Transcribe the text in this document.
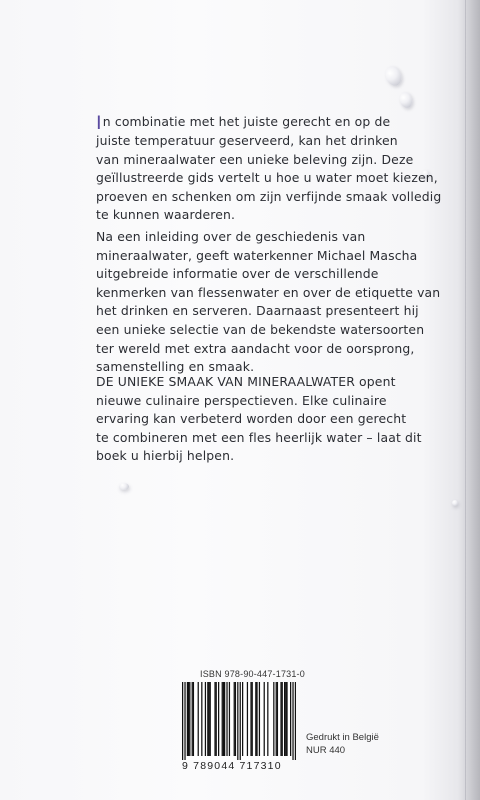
In combinatie met het juiste gerecht en op de
juiste temperatuur geserveerd, kan het drinken
van mineraalwater een unieke beleving zijn. Deze
geïllustreerde gids vertelt u hoe u water moet kiezen,
proeven en schenken om zijn verfijnde smaak volledig
te kunnen waarderen.

Na een inleiding over de geschiedenis van
mineraalwater, geeft waterkenner Michael Mascha
uitgebreide informatie over de verschillende
kenmerken van flessenwater en over de etiquette van
het drinken en serveren. Daarnaast presenteert hij
een unieke selectie van de bekendste watersoorten
ter wereld met extra aandacht voor de oorsprong,
samenstelling en smaak.

DE UNIEKE SMAAK VAN MINERAALWATER opent
nieuwe culinaire perspectieven. Elke culinaire
ervaring kan verbeterd worden door een gerecht
te combineren met een fles heerlijk water – laat dit
boek u hierbij helpen.

ISBN 978-90-447-1731-0
9 789044 717310
Gedrukt in België
NUR 440
